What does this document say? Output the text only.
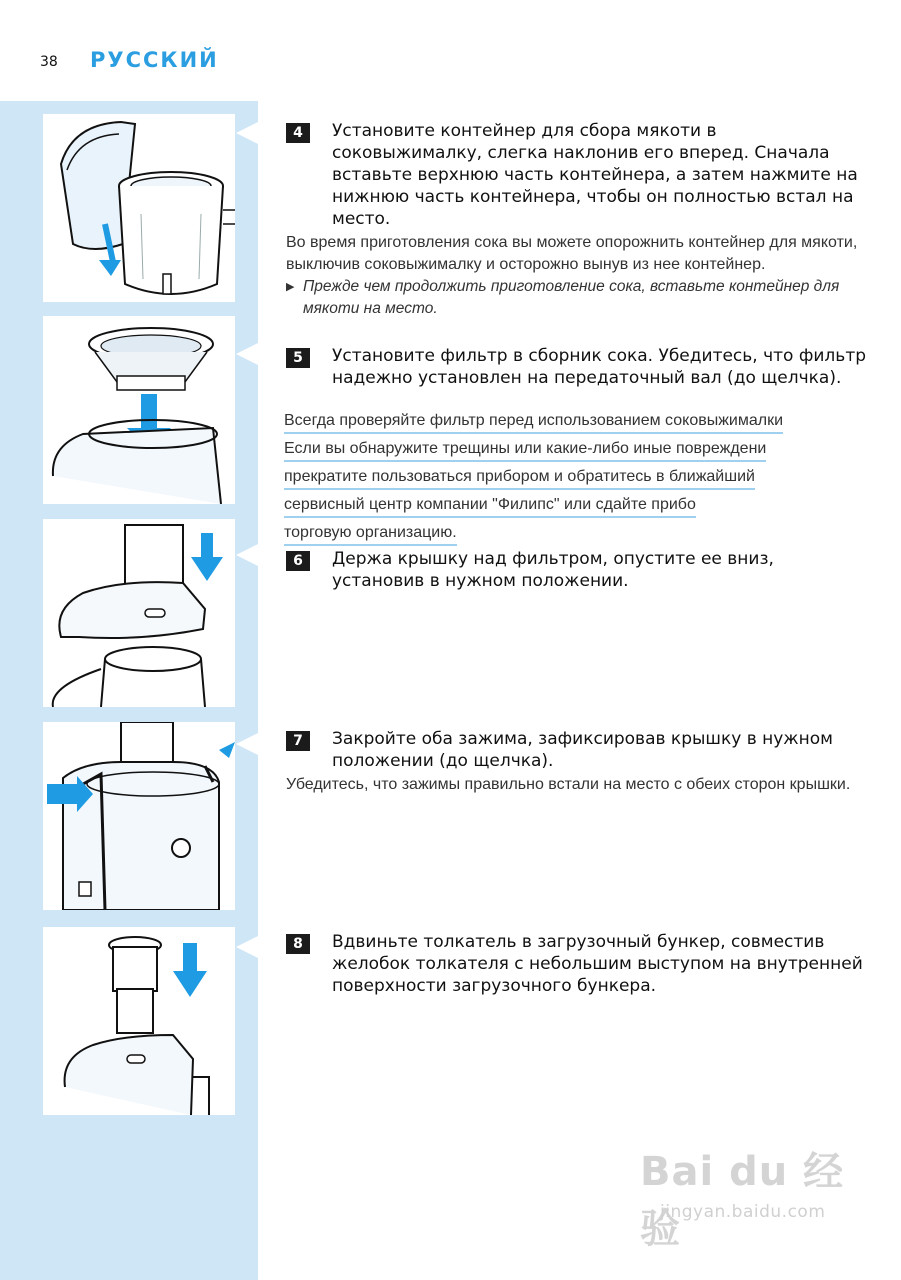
38	РУССКИЙ
4	Установите контейнер для сбора мякоти в соковыжималку, слегка наклонив его вперед. Сначала вставьте верхнюю часть контейнера, а затем нажмите на нижнюю часть контейнера, чтобы он полностью встал на место.
Во время приготовления сока вы можете опорожнить контейнер для мякоти, выключив соковыжималку и осторожно вынув из нее контейнер.
▶ Прежде чем продолжить приготовление сока, вставьте контейнер для мякоти на место.
5	Установите фильтр в сборник сока. Убедитесь, что фильтр надежно установлен на передаточный вал (до щелчка).
Всегда проверяйте фильтр перед использованием соковыжималки
Если вы обнаружите трещины или какие-либо иные повреждени
прекратите пользоваться прибором и обратитесь в ближайший
сервисный центр компании "Филипс" или сдайте прибо
торговую организацию.
6	Держа крышку над фильтром, опустите ее вниз, установив в нужном положении.
7	Закройте оба зажима, зафиксировав крышку в нужном положении (до щелчка).
Убедитесь, что зажимы правильно встали на место с обеих сторон крышки.
8	Вдвиньте толкатель в загрузочный бункер, совместив желобок толкателя с небольшим выступом на внутренней поверхности загрузочного бункера.
Bai du 经验
jingyan.baidu.com
